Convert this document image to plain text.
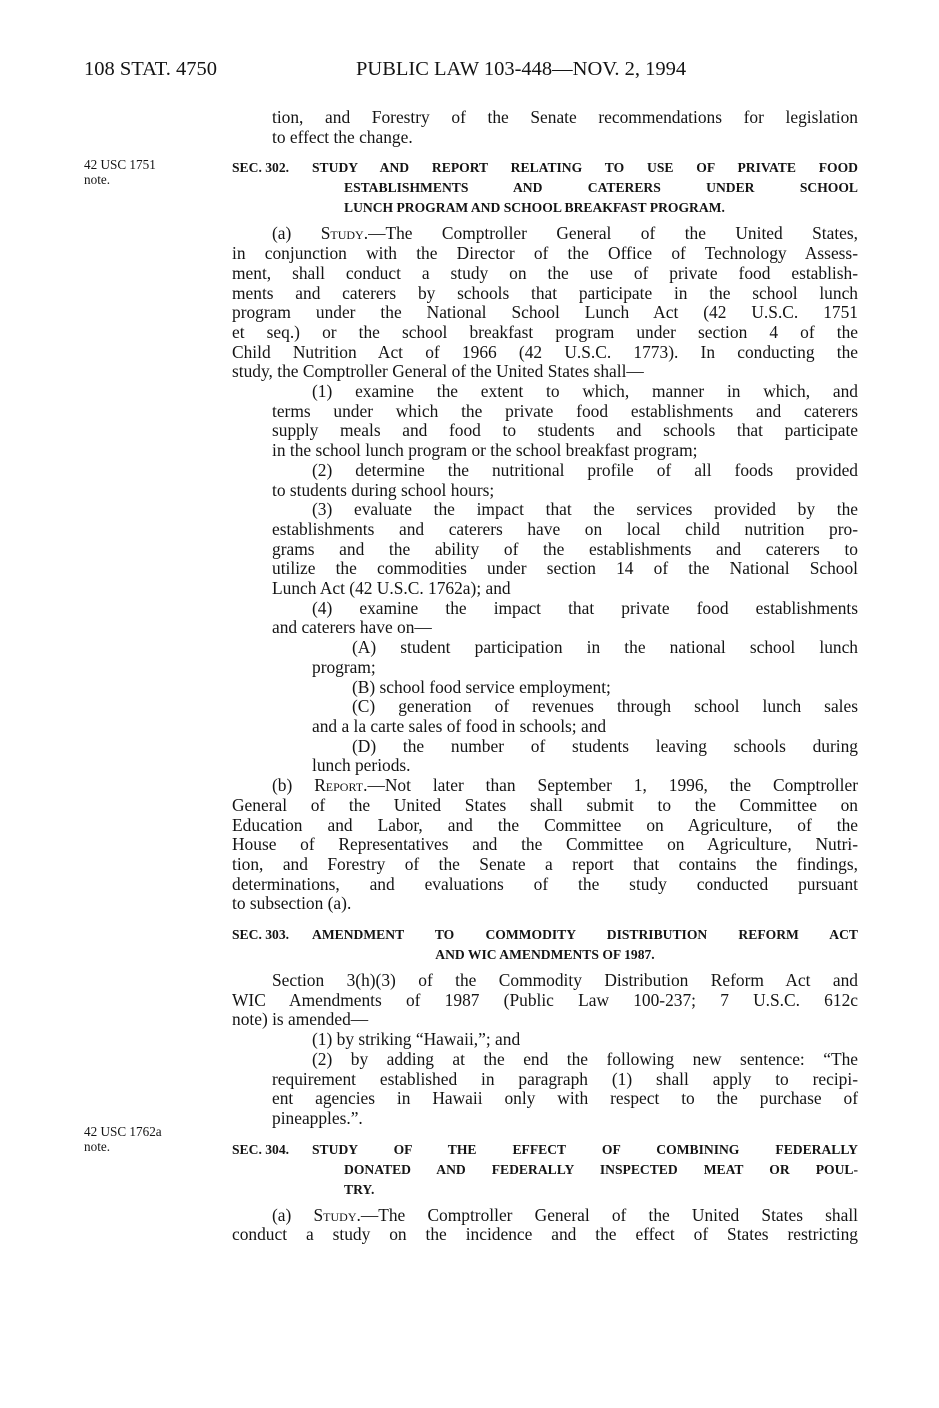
108 STAT. 4750	PUBLIC LAW 103-448—NOV. 2, 1994
42 USC 1751
note.
42 USC 1762a
note.
tion, and Forestry of the Senate recommendations for legislation
to effect the change.
SEC. 302.	STUDY AND REPORT RELATING TO USE OF PRIVATE FOOD
ESTABLISHMENTS AND CATERERS UNDER SCHOOL
LUNCH PROGRAM AND SCHOOL BREAKFAST PROGRAM.
(a) Study.—The Comptroller General of the United States,
in conjunction with the Director of the Office of Technology Assess-
ment, shall conduct a study on the use of private food establish-
ments and caterers by schools that participate in the school lunch
program under the National School Lunch Act (42 U.S.C. 1751
et seq.) or the school breakfast program under section 4 of the
Child Nutrition Act of 1966 (42 U.S.C. 1773). In conducting the
study, the Comptroller General of the United States shall—
(1) examine the extent to which, manner in which, and
terms under which the private food establishments and caterers
supply meals and food to students and schools that participate
in the school lunch program or the school breakfast program;
(2) determine the nutritional profile of all foods provided
to students during school hours;
(3) evaluate the impact that the services provided by the
establishments and caterers have on local child nutrition pro-
grams and the ability of the establishments and caterers to
utilize the commodities under section 14 of the National School
Lunch Act (42 U.S.C. 1762a); and
(4) examine the impact that private food establishments
and caterers have on—
(A) student participation in the national school lunch
program;
(B) school food service employment;
(C) generation of revenues through school lunch sales
and a la carte sales of food in schools; and
(D) the number of students leaving schools during
lunch periods.
(b) Report.—Not later than September 1, 1996, the Comptroller
General of the United States shall submit to the Committee on
Education and Labor, and the Committee on Agriculture, of the
House of Representatives and the Committee on Agriculture, Nutri-
tion, and Forestry of the Senate a report that contains the findings,
determinations, and evaluations of the study conducted pursuant
to subsection (a).
SEC. 303.	AMENDMENT TO COMMODITY DISTRIBUTION REFORM ACT
AND WIC AMENDMENTS OF 1987.
Section 3(h)(3) of the Commodity Distribution Reform Act and
WIC Amendments of 1987 (Public Law 100-237; 7 U.S.C. 612c
note) is amended—
(1) by striking “Hawaii,”; and
(2) by adding at the end the following new sentence: “The
requirement established in paragraph (1) shall apply to recipi-
ent agencies in Hawaii only with respect to the purchase of
pineapples.”.
SEC. 304.	STUDY OF THE EFFECT OF COMBINING FEDERALLY
DONATED AND FEDERALLY INSPECTED MEAT OR POUL-
TRY.
(a) Study.—The Comptroller General of the United States shall
conduct a study on the incidence and the effect of States restricting
